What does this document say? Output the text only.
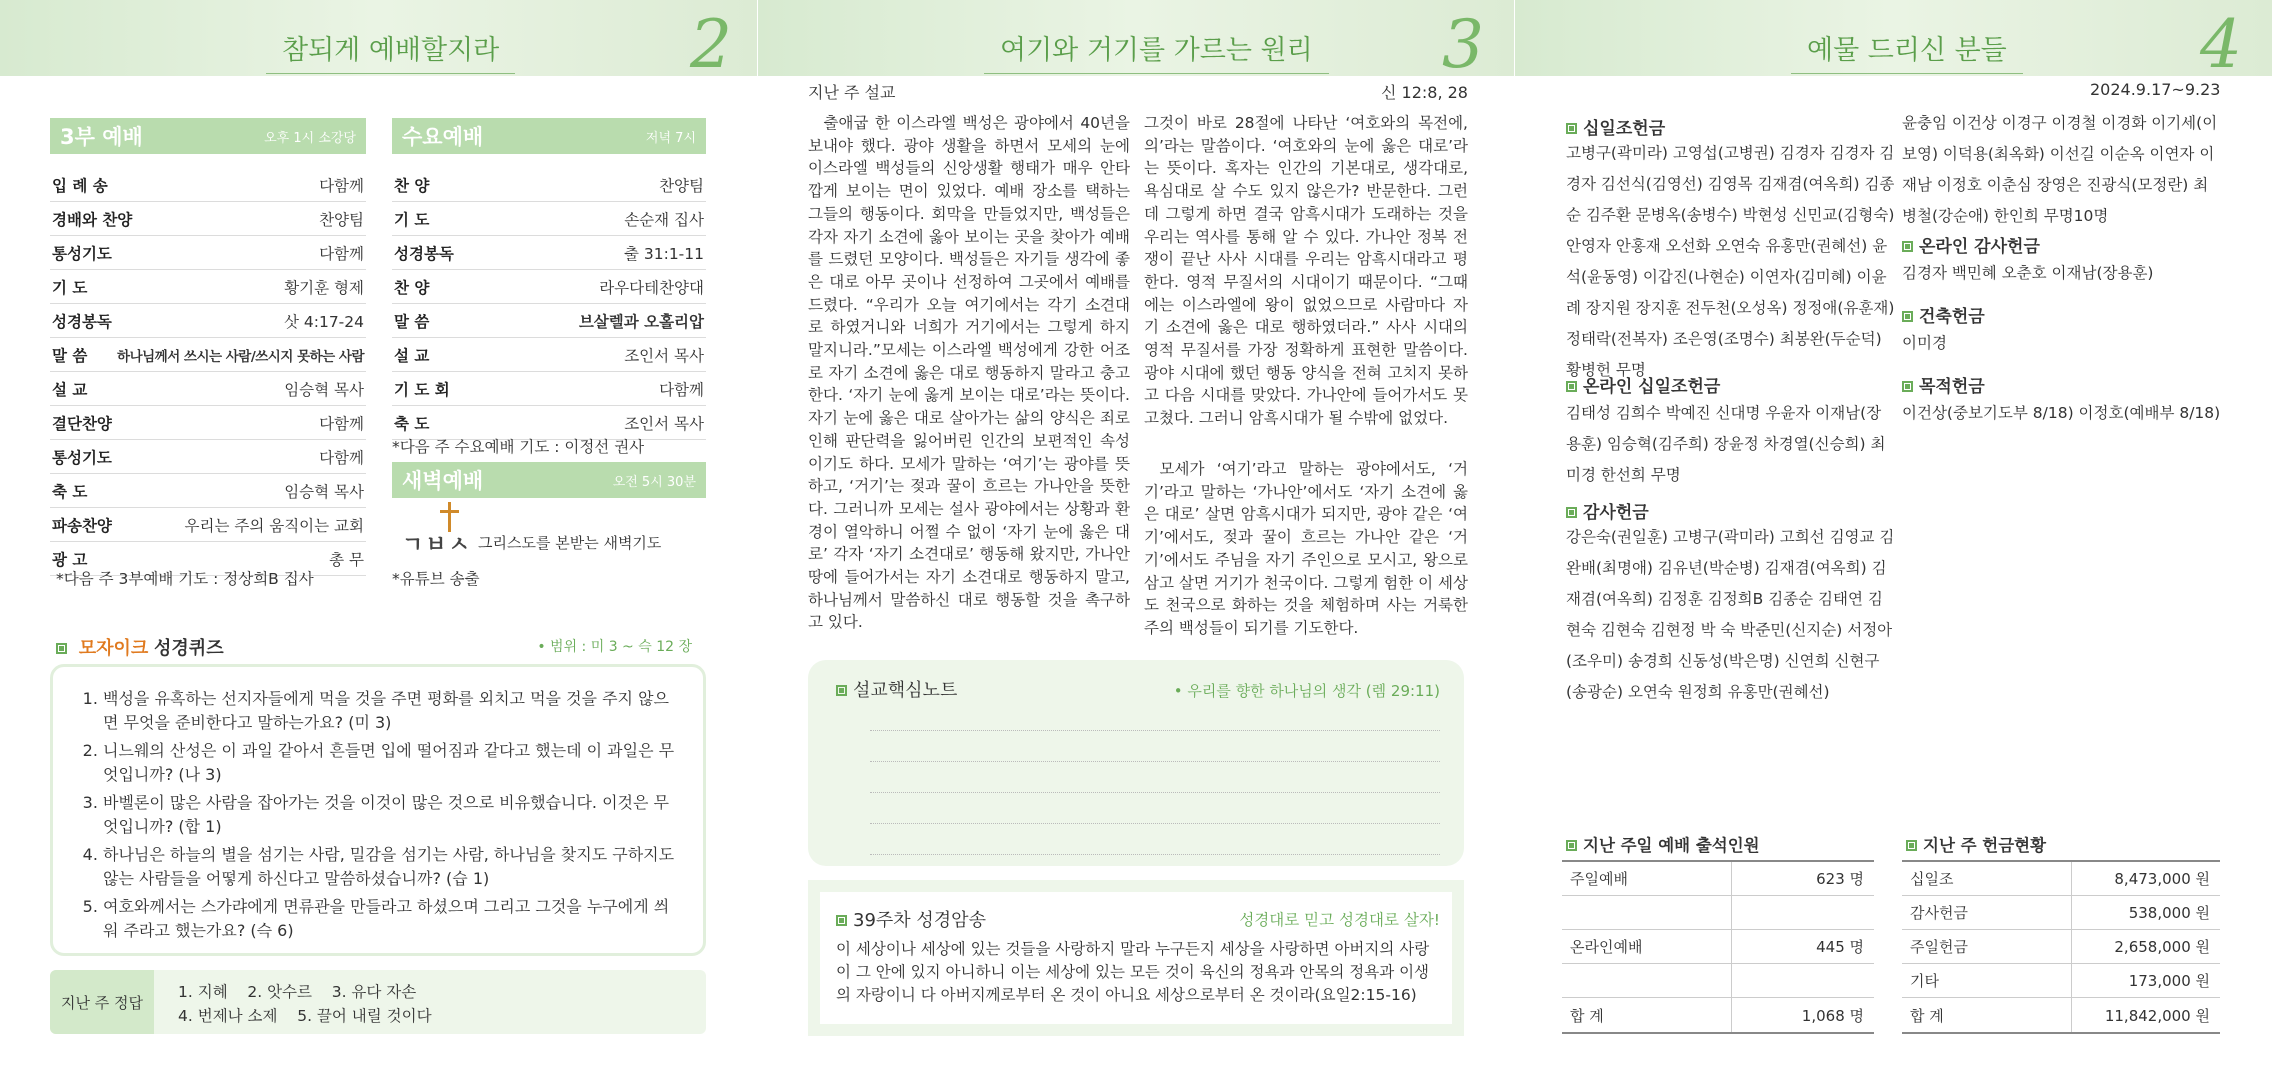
참되게 예배할지라	2	여기와 거기를 가르는 원리 3	예물 드리신 분들	4
3부 예배	오후 1시 소강당
입 례 송	다함께
경배와 찬양	찬양팀
통성기도	다함께
기 도	황기훈 형제
성경봉독	삿 4:17-24
말 씀 하나님께서 쓰시는 사람/쓰시지 못하는 사람
설 교	임승혁 목사
결단찬양	다함께
통성기도	다함께
축 도	임승혁 목사
파송찬양	우리는 주의 움직이는 교회
광 고	총 무
*다음 주 3부예배 기도 : 정상희B 집사
수요예배	저녁 7시
찬 양	찬양팀
기 도	손순재 집사
성경봉독	출 31:1-11
찬 양	라우다테찬양대
말 씀	브살렐과 오홀리압
설 교	조인서 목사
기 도 회	다함께
축 도	조인서 목사
*다음 주 수요예배 기도 : 이정선 권사
새벽예배	오전 5시 30분
ㄱㅂㅅ 그리스도를 본받는 새벽기도
*유튜브 송출
모자이크 성경퀴즈	• 범위 : 미 3 ~ 슥 12 장
1. 백성을 유혹하는 선지자들에게 먹을 것을 주면 평화를 외치고 먹을 것을 주지 않으면 무엇을 준비한다고 말하는가요? (미 3)
2. 니느웨의 산성은 이 과일 같아서 흔들면 입에 떨어짐과 같다고 했는데 이 과일은 무엇입니까? (나 3)
3. 바벨론이 많은 사람을 잡아가는 것을 이것이 많은 것으로 비유했습니다. 이것은 무엇입니까? (합 1)
4. 하나님은 하늘의 별을 섬기는 사람, 밀감을 섬기는 사람, 하나님을 찾지도 구하지도 않는 사람들을 어떻게 하신다고 말씀하셨습니까? (습 1)
5. 여호와께서는 스가랴에게 면류관을 만들라고 하셨으며 그리고 그것을 누구에게 씌워 주라고 했는가요? (슥 6)
지난 주 정답
1. 지혜    2. 앗수르    3. 유다 자손
4. 번제나 소제    5. 끌어 내릴 것이다
지난 주 설교	신 12:8, 28
출애굽 한 이스라엘 백성은 광야에서 40년을 보내야 했다. 광야 생활을 하면서 모세의 눈에 이스라엘 백성들의 신앙생활 행태가 매우 안타깝게 보이는 면이 있었다. 예배 장소를 택하는 그들의 행동이다. 회막을 만들었지만, 백성들은 각자 자기 소견에 옳아 보이는 곳을 찾아가 예배를 드렸던 모양이다. 백성들은 자기들 생각에 좋은 대로 아무 곳이나 선정하여 그곳에서 예배를 드렸다. “우리가 오늘 여기에서는 각기 소견대로 하였거니와 너희가 거기에서는 그렇게 하지 말지니라.”모세는 이스라엘 백성에게 강한 어조로 자기 소견에 옳은 대로 행동하지 말라고 충고한다. ‘자기 눈에 옳게 보이는 대로’라는 뜻이다. 자기 눈에 옳은 대로 살아가는 삶의 양식은 죄로 인해 판단력을 잃어버린 인간의 보편적인 속성이기도 하다. 모세가 말하는 ‘여기’는 광야를 뜻하고, ‘거기’는 젖과 꿀이 흐르는 가나안을 뜻한다. 그러니까 모세는 설사 광야에서는 상황과 환경이 열악하니 어쩔 수 없이 ‘자기 눈에 옳은 대로’ 각자 ‘자기 소견대로’ 행동해 왔지만, 가나안 땅에 들어가서는 자기 소견대로 행동하지 말고, 하나님께서 말씀하신 대로 행동할 것을 촉구하고 있다.
그것이 바로 28절에 나타난 ‘여호와의 목전에, 의’라는 말씀이다. ‘여호와의 눈에 옳은 대로’라는 뜻이다. 혹자는 인간의 기본대로, 생각대로, 욕심대로 살 수도 있지 않은가? 반문한다. 그런데 그렇게 하면 결국 암흑시대가 도래하는 것을 우리는 역사를 통해 알 수 있다. 가나안 정복 전쟁이 끝난 사사 시대를 우리는 암흑시대라고 평한다. 영적 무질서의 시대이기 때문이다. “그때에는 이스라엘에 왕이 없었으므로 사람마다 자기 소견에 옳은 대로 행하였더라.” 사사 시대의 영적 무질서를 가장 정확하게 표현한 말씀이다. 광야 시대에 했던 행동 양식을 전혀 고치지 못하고 다음 시대를 맞았다. 가나안에 들어가서도 못 고쳤다. 그러니 암흑시대가 될 수밖에 없었다.
모세가 ‘여기’라고 말하는 광야에서도, ‘거기’라고 말하는 ‘가나안’에서도 ‘자기 소견에 옳은 대로’ 살면 암흑시대가 되지만, 광야 같은 ‘여기’에서도, 젖과 꿀이 흐르는 가나안 같은 ‘거기’에서도 주님을 자기 주인으로 모시고, 왕으로 삼고 살면 거기가 천국이다. 그렇게 험한 이 세상도 천국으로 화하는 것을 체험하며 사는 거룩한 주의 백성들이 되기를 기도한다.
설교핵심노트	• 우리를 향한 하나님의 생각 (렘 29:11)
39주차 성경암송	성경대로 믿고 성경대로 살자!
이 세상이나 세상에 있는 것들을 사랑하지 말라 누구든지 세상을 사랑하면 아버지의 사랑이 그 안에 있지 아니하니 이는 세상에 있는 모든 것이 육신의 정욕과 안목의 정욕과 이생의 자랑이니 다 아버지께로부터 온 것이 아니요 세상으로부터 온 것이라(요일2:15-16)
2024.9.17~9.23
십일조헌금
고병구(곽미라) 고영섭(고병권) 김경자 김경자 김경자 김선식(김영선) 김영목 김재겸(여옥희) 김종순 김주환 문병옥(송병수) 박현성 신민교(김형숙) 안영자 안홍재 오선화 오연숙 유홍만(권혜선) 윤 석(윤동영) 이갑진(나현순) 이연자(김미혜) 이윤례 장지원 장지훈 전두천(오성옥) 정정애(유훈재) 정태락(전복자) 조은영(조명수) 최봉완(두순덕) 황병헌 무명
온라인 십일조헌금
김태성 김희수 박예진 신대명 우윤자 이재남(장용훈) 임승혁(김주희) 장윤정 차경열(신승희) 최미경 한선희 무명
감사헌금
강은숙(권일훈) 고병구(곽미라) 고희선 김영교 김완배(최명애) 김유년(박순병) 김재겸(여옥희) 김재겸(여옥희) 김정훈 김정희B 김종순 김태연 김현숙 김현숙 김현정 박 숙 박준민(신지순) 서정아(조우미) 송경희 신동성(박은명) 신연희 신현구(송광순) 오연숙 원정희 유홍만(권혜선)
윤충임 이건상 이경구 이경철 이경화 이기세(이보영) 이덕용(최옥화) 이선길 이순옥 이연자 이재남 이정호 이춘심 장영은 진광식(모정란) 최병철(강순애) 한인희 무명10명
온라인 감사헌금
김경자 백민혜 오춘호 이재남(장용훈)
건축헌금
이미경
목적헌금
이건상(중보기도부 8/18) 이정호(예배부 8/18)
지난 주일 예배 출석인원
주일예배	623 명
온라인예배	445 명
합 계	1,068 명
지난 주 헌금현황
십일조	8,473,000 원
감사헌금	538,000 원
주일헌금	2,658,000 원
기타	173,000 원
합 계	11,842,000 원
